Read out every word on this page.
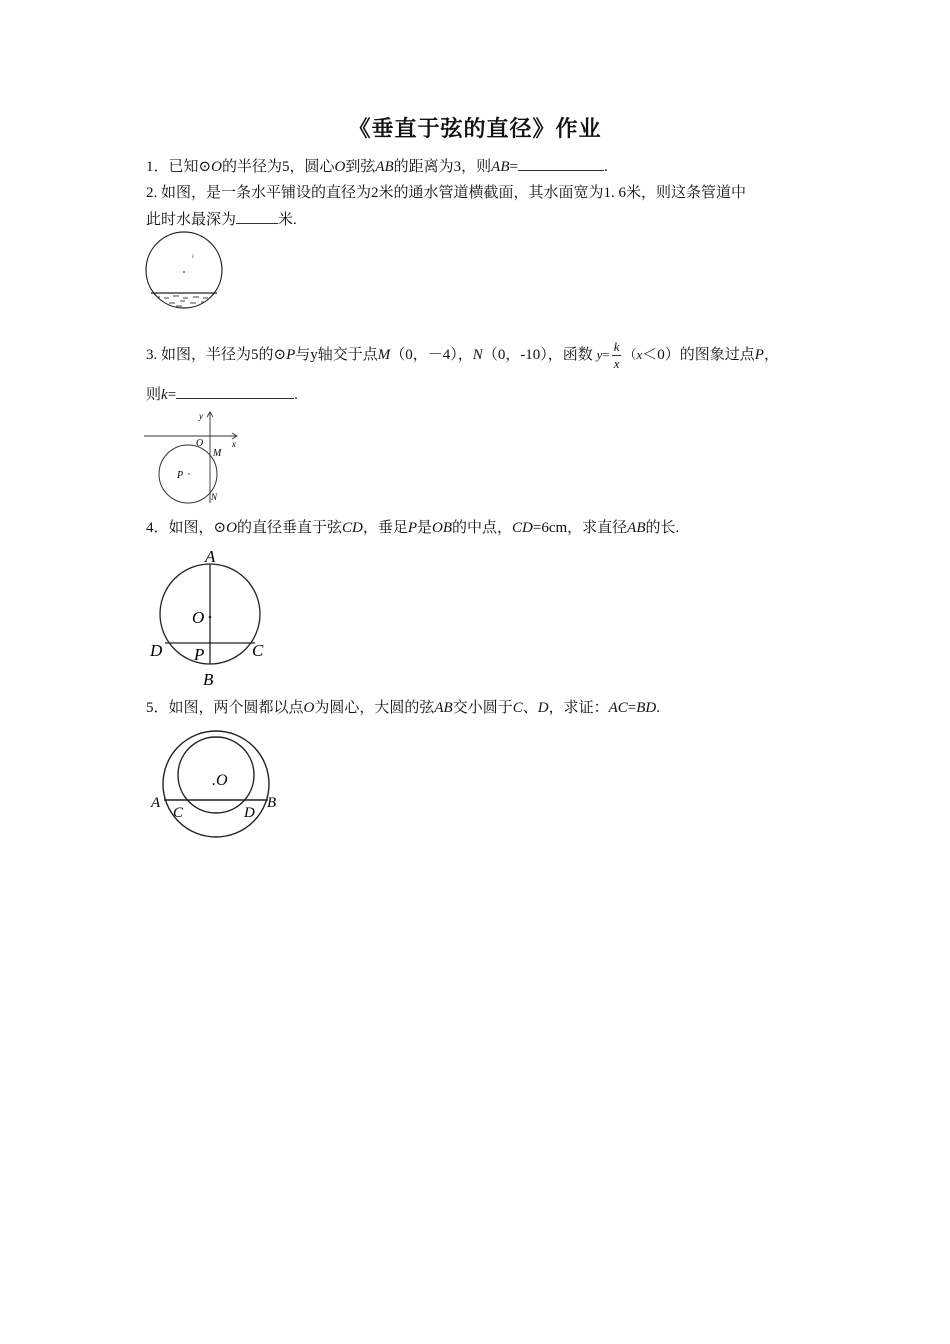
《垂直于弦的直径》作业
1．已知⊙O的半径为5，圆心O到弦AB的距离为3，则AB=	.
2. 如图，是一条水平铺设的直径为2米的通水管道横截面，其水面宽为1. 6米，则这条管道中
此时水最深为	米.
ı
3. 如图，半径为5的⊙P与y轴交于点M（0，－4），N（0，-10），函数 $y= \frac{k}{x} (x<0)$的图象过点P，
则k=	.
y
x
O
M
N
P
4．如图，⊙O的直径垂直于弦CD，垂足P是OB的中点，CD=6cm，求直径AB的长.
A
O
D P	C
B
5．如图，两个圆都以点O为圆心，大圆的弦AB交小圆于C、D，求证：AC=BD.
.O
A
C	D
B
